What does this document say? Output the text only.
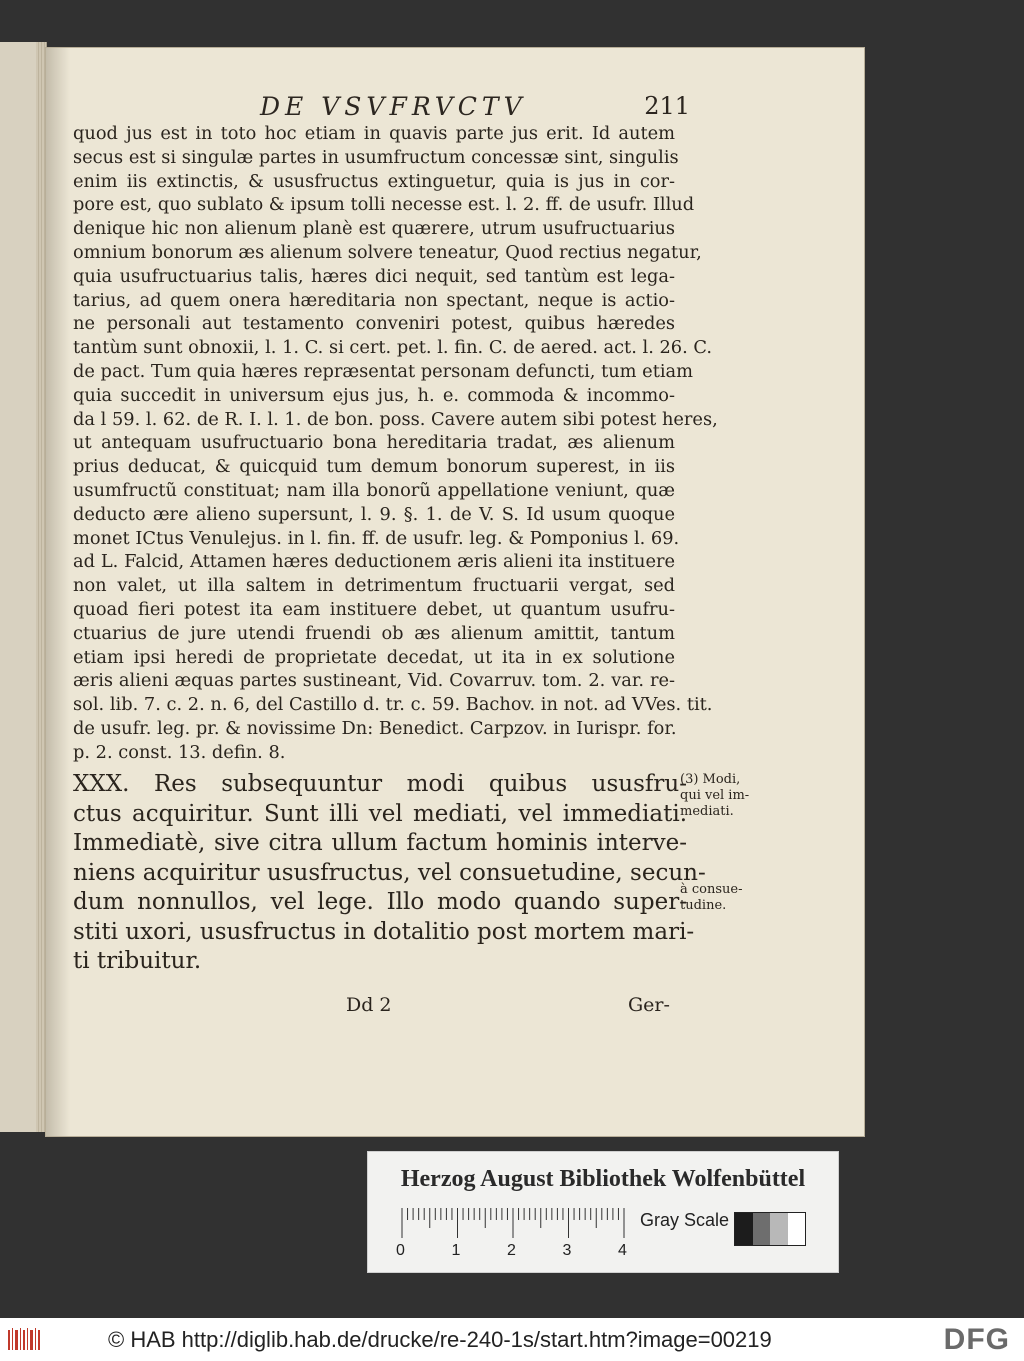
DE VSVFRVCTV	211
quod jus est in toto hoc etiam in quavis parte jus erit. Id autem
secus est si singulæ partes in usumfructum concessæ sint, singulis
enim iis extinctis, & ususfructus extinguetur, quia is jus in cor-
pore est, quo sublato & ipsum tolli necesse est. l. 2. ff. de usufr. Illud
denique hic non alienum planè est quærere, utrum usufructuarius
omnium bonorum æs alienum solvere teneatur, Quod rectius negatur,
quia usufructuarius talis, hæres dici nequit, sed tantùm est lega-
tarius, ad quem onera hæreditaria non spectant, neque is actio-
ne personali aut testamento conveniri potest, quibus hæredes
tantùm sunt obnoxii, l. 1. C. si cert. pet. l. fin. C. de aered. act. l. 26. C.
de pact. Tum quia hæres repræsentat personam defuncti, tum etiam
quia succedit in universum ejus jus, h. e. commoda & incommo-
da l 59. l. 62. de R. I. l. 1. de bon. poss. Cavere autem sibi potest heres,
ut antequam usufructuario bona hereditaria tradat, æs alienum
prius deducat, & quicquid tum demum bonorum superest, in iis
usumfructũ constituat; nam illa bonorũ appellatione veniunt, quæ
deducto ære alieno supersunt, l. 9. §. 1. de V. S. Id usum quoque
monet ICtus Venulejus. in l. fin. ff. de usufr. leg. & Pomponius l. 69.
ad L. Falcid, Attamen hæres deductionem æris alieni ita instituere
non valet, ut illa saltem in detrimentum fructuarii vergat, sed
quoad fieri potest ita eam instituere debet, ut quantum usufru-
ctuarius de jure utendi fruendi ob æs alienum amittit, tantum
etiam ipsi heredi de proprietate decedat, ut ita in ex solutione
æris alieni æquas partes sustineant, Vid. Covarruv. tom. 2. var. re-
sol. lib. 7. c. 2. n. 6, del Castillo d. tr. c. 59. Bachov. in not. ad VVes. tit.
de usufr. leg. pr. & novissime Dn: Benedict. Carpzov. in Iurispr. for.
p. 2. const. 13. defin. 8.
XXX. Res subsequuntur modi quibus ususfru-
ctus acquiritur. Sunt illi vel mediati, vel immediati.
Immediatè, sive citra ullum factum hominis interve-
niens acquiritur ususfructus, vel consuetudine, secun-
dum nonnullos, vel lege. Illo modo quando super-
stiti uxori, ususfructus in dotalitio post mortem mari-
ti tribuitur.
(3) Modi,
qui vel im-
mediati.
à consue-
tudine.
Dd 2	Ger-
Herzog August Bibliothek Wolfenbüttel
0	1	2	3	4
Gray Scale
© HAB http://diglib.hab.de/drucke/re-240-1s/start.htm?image=00219	DFG
